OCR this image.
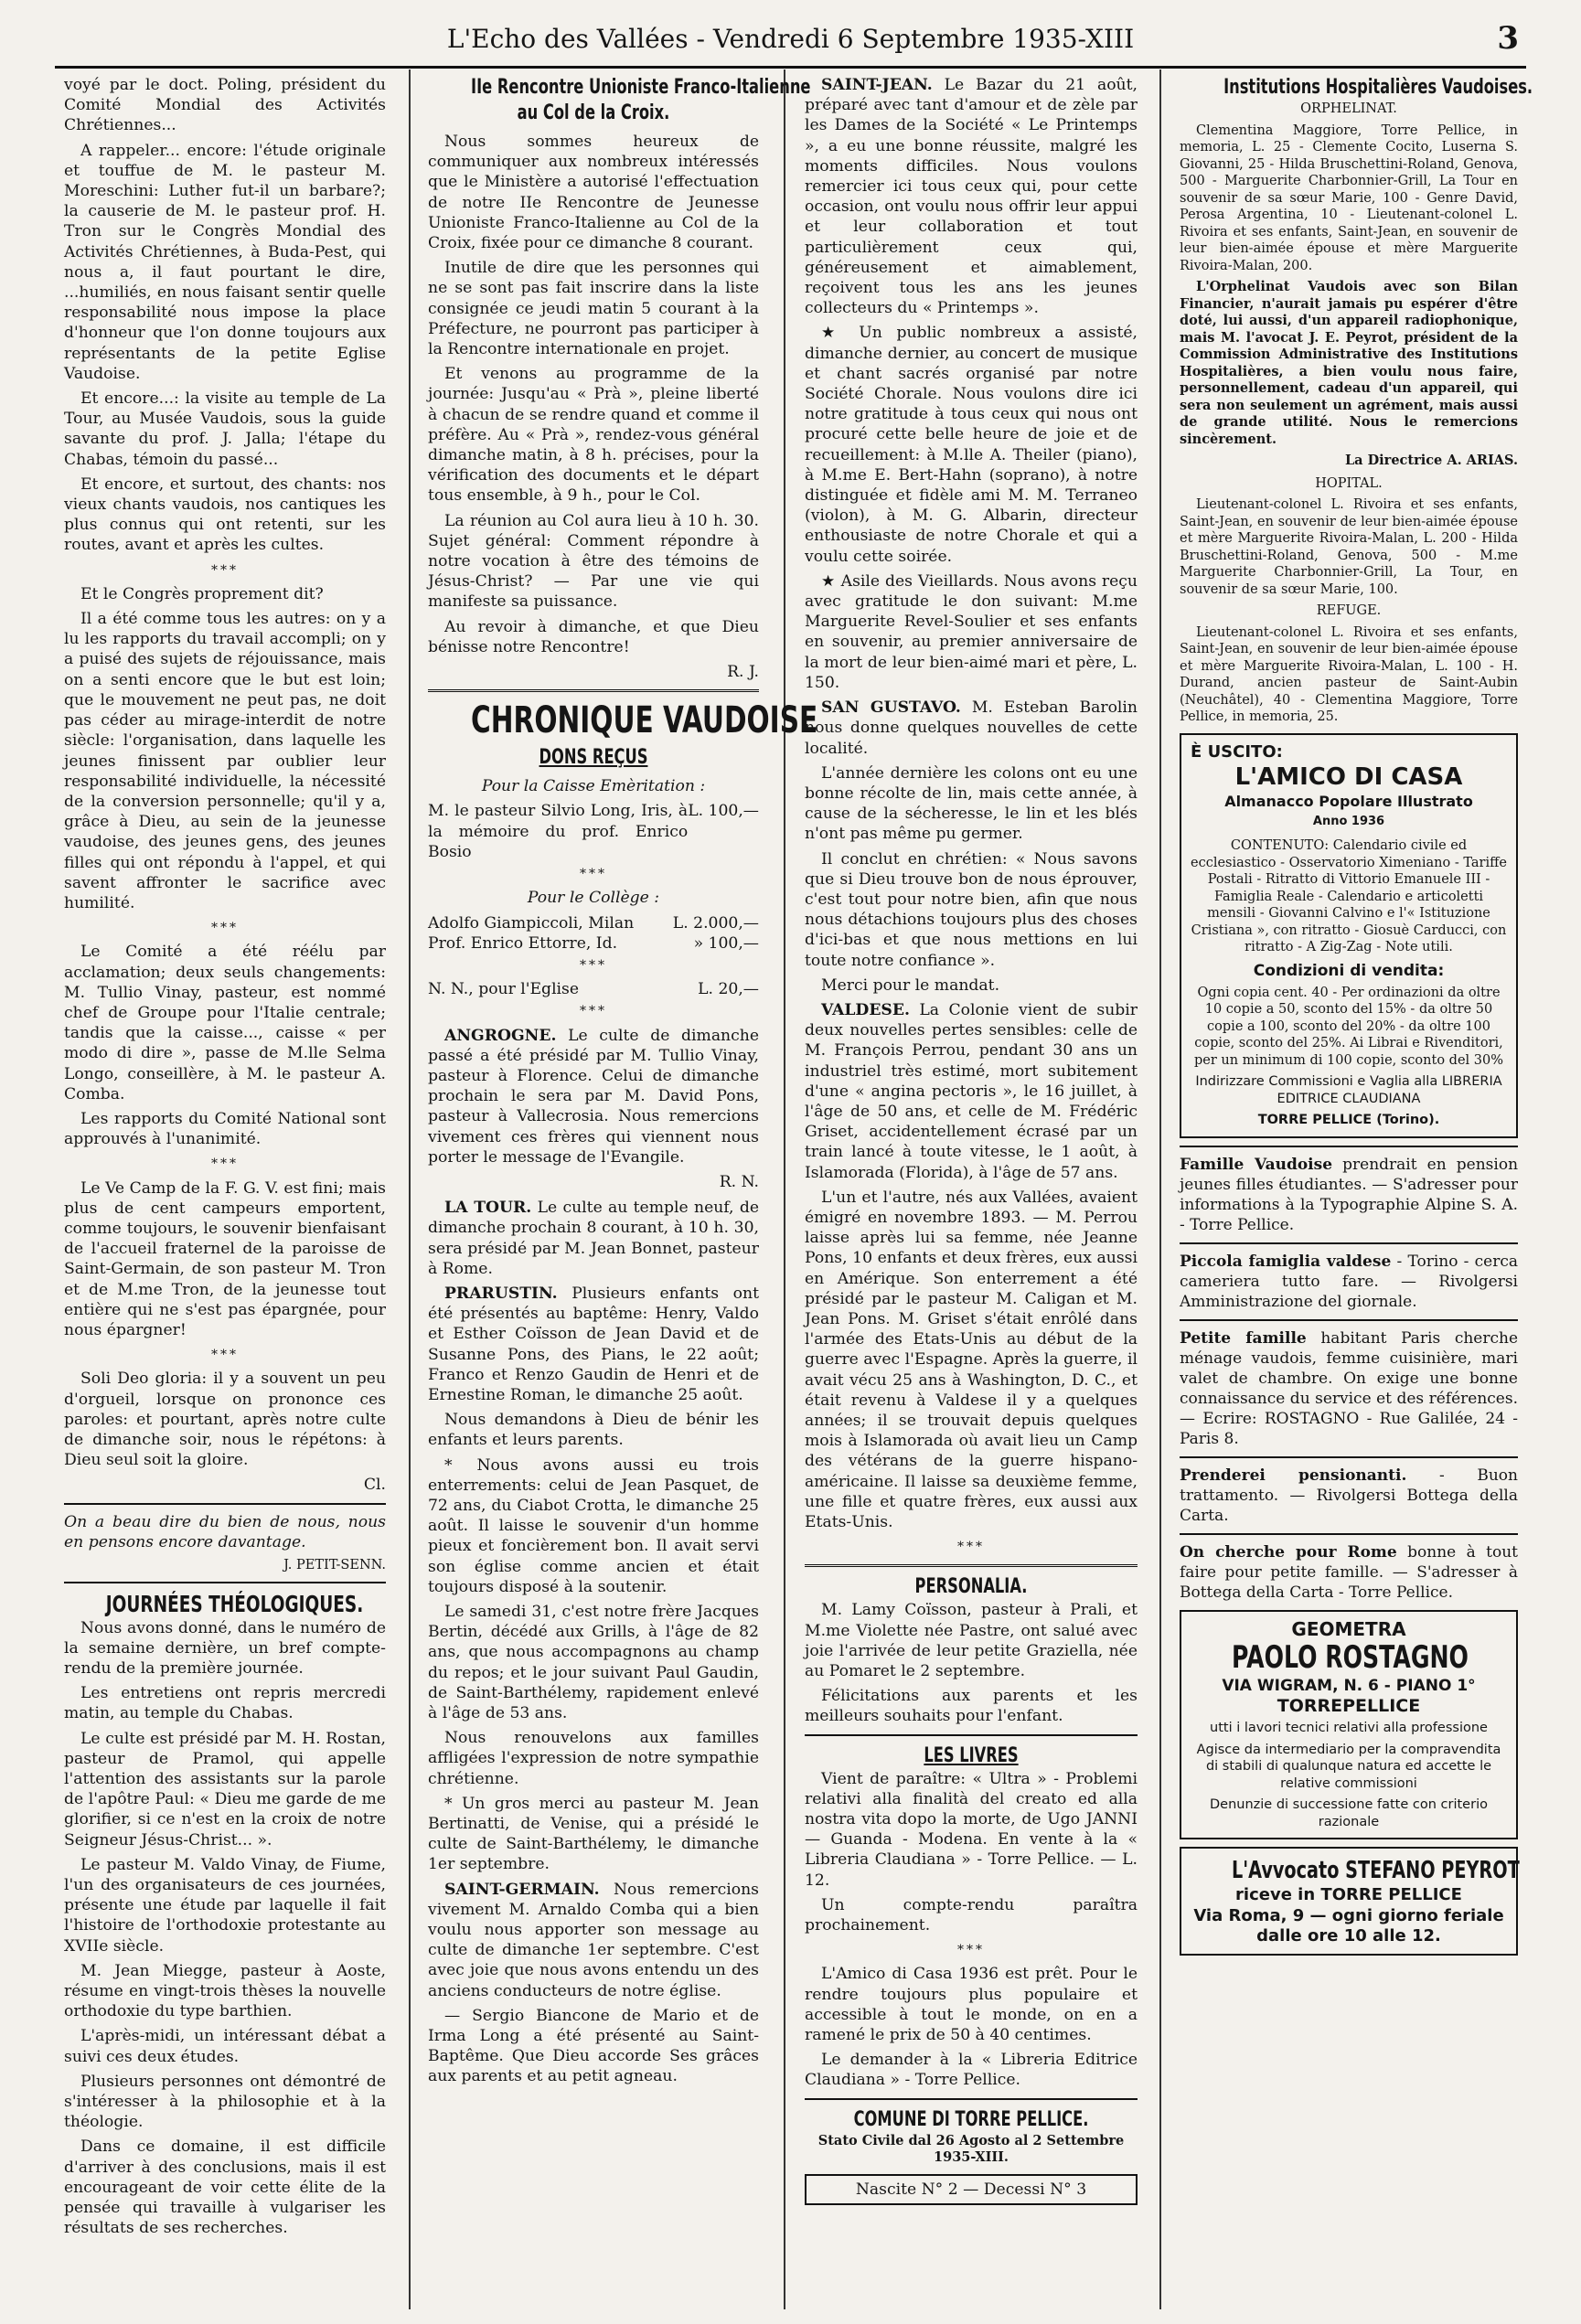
L'Echo des Vallées - Vendredi 6 Septembre 1935-XIII	3

voyé par le doct. Poling, président du Comité Mondial des Activités Chrétiennes...

A rappeler... encore: l'étude originale et touffue de M. le pasteur M. Moreschini: Luther fut-il un barbare?; la causerie de M. le pasteur prof. H. Tron sur le Congrès Mondial des Activités Chrétiennes, à Buda-Pest, qui nous a, il faut pourtant le dire, ...humiliés, en nous faisant sentir quelle responsabilité nous impose la place d'honneur que l'on donne toujours aux représentants de la petite Eglise Vaudoise.

Et encore...: la visite au temple de La Tour, au Musée Vaudois, sous la guide savante du prof. J. Jalla; l'étape du Chabas, témoin du passé...

Et encore, et surtout, des chants: nos vieux chants vaudois, nos cantiques les plus connus qui ont retenti, sur les routes, avant et après les cultes.

***

Et le Congrès proprement dit?

Il a été comme tous les autres: on y a lu les rapports du travail accompli; on y a puisé des sujets de réjouissance, mais on a senti encore que le but est loin; que le mouvement ne peut pas, ne doit pas céder au mirage-interdit de notre siècle: l'organisation, dans laquelle les jeunes finissent par oublier leur responsabilité individuelle, la nécessité de la conversion personnelle; qu'il y a, grâce à Dieu, au sein de la jeunesse vaudoise, des jeunes gens, des jeunes filles qui ont répondu à l'appel, et qui savent affronter le sacrifice avec humilité.

***

Le Comité a été réélu par acclamation; deux seuls changements: M. Tullio Vinay, pasteur, est nommé chef de Groupe pour l'Italie centrale; tandis que la caisse..., caisse « per modo di dire », passe de M.lle Selma Longo, conseillère, à M. le pasteur A. Comba.

Les rapports du Comité National sont approuvés à l'unanimité.

***

Le Ve Camp de la F. G. V. est fini; mais plus de cent campeurs emportent, comme toujours, le souvenir bienfaisant de l'accueil fraternel de la paroisse de Saint-Germain, de son pasteur M. Tron et de M.me Tron, de la jeunesse tout entière qui ne s'est pas épargnée, pour nous épargner!

***

Soli Deo gloria: il y a souvent un peu d'orgueil, lorsque on prononce ces paroles: et pourtant, après notre culte de dimanche soir, nous le répétons: à Dieu seul soit la gloire.

Cl.

On a beau dire du bien de nous, nous en pensons encore davantage.

J. PETIT-SENN.
JOURNÉES THÉOLOGIQUES.

Nous avons donné, dans le numéro de la semaine dernière, un bref compte-rendu de la première journée.

Les entretiens ont repris mercredi matin, au temple du Chabas.

Le culte est présidé par M. H. Rostan, pasteur de Pramol, qui appelle l'attention des assistants sur la parole de l'apôtre Paul: « Dieu me garde de me glorifier, si ce n'est en la croix de notre Seigneur Jésus-Christ... ».

Le pasteur M. Valdo Vinay, de Fiume, l'un des organisateurs de ces journées, présente une étude par laquelle il fait l'histoire de l'orthodoxie protestante au XVIIe siècle.

M. Jean Miegge, pasteur à Aoste, résume en vingt-trois thèses la nouvelle orthodoxie du type barthien.

L'après-midi, un intéressant débat a suivi ces deux études.

Plusieurs personnes ont démontré de s'intéresser à la philosophie et à la théologie.

Dans ce domaine, il est difficile d'arriver à des conclusions, mais il est encourageant de voir cette élite de la pensée qui travaille à vulgariser les résultats de ses recherches.

IIe Rencontre Unioniste Franco-Italienne
au Col de la Croix.

Nous sommes heureux de communiquer aux nombreux intéressés que le Ministère a autorisé l'effectuation de notre IIe Rencontre de Jeunesse Unioniste Franco-Italienne au Col de la Croix, fixée pour ce dimanche 8 courant.

Inutile de dire que les personnes qui ne se sont pas fait inscrire dans la liste consignée ce jeudi matin 5 courant à la Préfecture, ne pourront pas participer à la Rencontre internationale en projet.

Et venons au programme de la journée: Jusqu'au « Prà », pleine liberté à chacun de se rendre quand et comme il préfère. Au « Prà », rendez-vous général dimanche matin, à 8 h. précises, pour la vérification des documents et le départ tous ensemble, à 9 h., pour le Col.

La réunion au Col aura lieu à 10 h. 30. Sujet général: Comment répondre à notre vocation à être des témoins de Jésus-Christ? — Par une vie qui manifeste sa puissance.

Au revoir à dimanche, et que Dieu bénisse notre Rencontre!

R. J.
CHRONIQUE VAUDOISE
DONS REÇUS

Pour la Caisse Emèritation :

M. le pasteur Silvio Long, Iris, à la mémoire du prof. Enrico Bosio
L. 100,—
***

Pour le Collège :

Adolfo Giampiccoli, Milan L. 2.000,—
Prof. Enrico Ettorre, Id.	» 100,—
***
N. N., pour l'Eglise	L. 20,—
***

ANGROGNE. Le culte de dimanche passé a été présidé par M. Tullio Vinay, pasteur à Florence. Celui de dimanche prochain le sera par M. David Pons, pasteur à Vallecrosia. Nous remercions vivement ces frères qui viennent nous porter le message de l'Evangile.

R. N.

LA TOUR. Le culte au temple neuf, de dimanche prochain 8 courant, à 10 h. 30, sera présidé par M. Jean Bonnet, pasteur à Rome.

PRARUSTIN. Plusieurs enfants ont été présentés au baptême: Henry, Valdo et Esther Coïsson de Jean David et de Susanne Pons, des Pians, le 22 août; Franco et Renzo Gaudin de Henri et de Ernestine Roman, le dimanche 25 août.

Nous demandons à Dieu de bénir les enfants et leurs parents.

* Nous avons aussi eu trois enterrements: celui de Jean Pasquet, de 72 ans, du Ciabot Crotta, le dimanche 25 août. Il laisse le souvenir d'un homme pieux et foncièrement bon. Il avait servi son église comme ancien et était toujours disposé à la soutenir.

Le samedi 31, c'est notre frère Jacques Bertin, décédé aux Grills, à l'âge de 82 ans, que nous accompagnons au champ du repos; et le jour suivant Paul Gaudin, de Saint-Barthélemy, rapidement enlevé à l'âge de 53 ans.

Nous renouvelons aux familles affligées l'expression de notre sympathie chrétienne.

* Un gros merci au pasteur M. Jean Bertinatti, de Venise, qui a présidé le culte de Saint-Barthélemy, le dimanche 1er septembre.

SAINT-GERMAIN. Nous remercions vivement M. Arnaldo Comba qui a bien voulu nous apporter son message au culte de dimanche 1er septembre. C'est avec joie que nous avons entendu un des anciens conducteurs de notre église.

— Sergio Biancone de Mario et de Irma Long a été présenté au Saint-Baptême. Que Dieu accorde Ses grâces aux parents et au petit agneau.

SAINT-JEAN. Le Bazar du 21 août, préparé avec tant d'amour et de zèle par les Dames de la Société « Le Printemps », a eu une bonne réussite, malgré les moments difficiles. Nous voulons remercier ici tous ceux qui, pour cette occasion, ont voulu nous offrir leur appui et leur collaboration et tout particulièrement ceux qui, généreusement et aimablement, reçoivent tous les ans les jeunes collecteurs du « Printemps ».

★ Un public nombreux a assisté, dimanche dernier, au concert de musique et chant sacrés organisé par notre Société Chorale. Nous voulons dire ici notre gratitude à tous ceux qui nous ont procuré cette belle heure de joie et de recueillement: à M.lle A. Theiler (piano), à M.me E. Bert-Hahn (soprano), à notre distinguée et fidèle ami M. M. Terraneo (violon), à M. G. Albarin, directeur enthousiaste de notre Chorale et qui a voulu cette soirée.

★ Asile des Vieillards. Nous avons reçu avec gratitude le don suivant: M.me Marguerite Revel-Soulier et ses enfants en souvenir, au premier anniversaire de la mort de leur bien-aimé mari et père, L. 150.

SAN GUSTAVO. M. Esteban Barolin nous donne quelques nouvelles de cette localité.

L'année dernière les colons ont eu une bonne récolte de lin, mais cette année, à cause de la sécheresse, le lin et les blés n'ont pas même pu germer.

Il conclut en chrétien: « Nous savons que si Dieu trouve bon de nous éprouver, c'est tout pour notre bien, afin que nous nous détachions toujours plus des choses d'ici-bas et que nous mettions en lui toute notre confiance ».

Merci pour le mandat.

VALDESE. La Colonie vient de subir deux nouvelles pertes sensibles: celle de M. François Perrou, pendant 30 ans un industriel très estimé, mort subitement d'une « angina pectoris », le 16 juillet, à l'âge de 50 ans, et celle de M. Frédéric Griset, accidentellement écrasé par un train lancé à toute vitesse, le 1 août, à Islamorada (Florida), à l'âge de 57 ans.

L'un et l'autre, nés aux Vallées, avaient émigré en novembre 1893. — M. Perrou laisse après lui sa femme, née Jeanne Pons, 10 enfants et deux frères, eux aussi en Amérique. Son enterrement a été présidé par le pasteur M. Caligan et M. Jean Pons. M. Griset s'était enrôlé dans l'armée des Etats-Unis au début de la guerre avec l'Espagne. Après la guerre, il avait vécu 25 ans à Washington, D. C., et était revenu à Valdese il y a quelques années; il se trouvait depuis quelques mois à Islamorada où avait lieu un Camp des vétérans de la guerre hispano-américaine. Il laisse sa deuxième femme, une fille et quatre frères, eux aussi aux Etats-Unis.

***
PERSONALIA.

M. Lamy Coïsson, pasteur à Prali, et M.me Violette née Pastre, ont salué avec joie l'arrivée de leur petite Graziella, née au Pomaret le 2 septembre.

Félicitations aux parents et les meilleurs souhaits pour l'enfant.

LES LIVRES

Vient de paraître: « Ultra » - Problemi relativi alla finalità del creato ed alla nostra vita dopo la morte, de Ugo JANNI — Guanda - Modena. En vente à la « Libreria Claudiana » - Torre Pellice. — L. 12.

Un compte-rendu paraîtra prochainement.

***

L'Amico di Casa 1936 est prêt. Pour le rendre toujours plus populaire et accessible à tout le monde, on en a ramené le prix de 50 à 40 centimes.

Le demander à la « Libreria Editrice Claudiana » - Torre Pellice.

COMUNE DI TORRE PELLICE.

Stato Civile dal 26 Agosto al 2 Settembre 1935-XIII.

Nascite N° 2 — Decessi N° 3
Institutions Hospitalières Vaudoises.

ORPHELINAT.

Clementina Maggiore, Torre Pellice, in memoria, L. 25 - Clemente Cocito, Luserna S. Giovanni, 25 - Hilda Bruschettini-Roland, Genova, 500 - Marguerite Charbonnier-Grill, La Tour en souvenir de sa sœur Marie, 100 - Genre David, Perosa Argentina, 10 - Lieutenant-colonel L. Rivoira et ses enfants, Saint-Jean, en souvenir de leur bien-aimée épouse et mère Marguerite Rivoira-Malan, 200.

L'Orphelinat Vaudois avec son Bilan Financier, n'aurait jamais pu espérer d'être doté, lui aussi, d'un appareil radiophonique, mais M. l'avocat J. E. Peyrot, président de la Commission Administrative des Institutions Hospitalières, a bien voulu nous faire, personnellement, cadeau d'un appareil, qui sera non seulement un agrément, mais aussi de grande utilité. Nous le remercions sincèrement.

La Directrice A. ARIAS.

HOPITAL.

Lieutenant-colonel L. Rivoira et ses enfants, Saint-Jean, en souvenir de leur bien-aimée épouse et mère Marguerite Rivoira-Malan, L. 200 - Hilda Bruschettini-Roland, Genova, 500 - M.me Marguerite Charbonnier-Grill, La Tour, en souvenir de sa sœur Marie, 100.

REFUGE.

Lieutenant-colonel L. Rivoira et ses enfants, Saint-Jean, en souvenir de leur bien-aimée épouse et mère Marguerite Rivoira-Malan, L. 100 - H. Durand, ancien pasteur de Saint-Aubin (Neuchâtel), 40 - Clementina Maggiore, Torre Pellice, in memoria, 25.

È USCITO:
L'AMICO DI CASA
Almanacco Popolare Illustrato
Anno 1936

CONTENUTO: Calendario civile ed ecclesiastico - Osservatorio Ximeniano - Tariffe Postali - Ritratto di Vittorio Emanuele III - Famiglia Reale - Calendario e articoletti mensili - Giovanni Calvino e l'« Istituzione Cristiana », con ritratto - Giosuè Carducci, con ritratto - A Zig-Zag - Note utili.

Condizioni di vendita:

Ogni copia cent. 40 - Per ordinazioni da oltre 10 copie a 50, sconto del 15% - da oltre 50 copie a 100, sconto del 20% - da oltre 100 copie, sconto del 25%. Ai Librai e Rivenditori, per un minimum di 100 copie, sconto del 30%

Indirizzare Commissioni e Vaglia alla LIBRERIA EDITRICE CLAUDIANA

TORRE PELLICE (Torino).

Famille Vaudoise prendrait en pension jeunes filles étudiantes. — S'adresser pour informations à la Typographie Alpine S. A. - Torre Pellice.

Piccola famiglia valdese - Torino - cerca cameriera tutto fare. — Rivolgersi Amministrazione del giornale.

Petite famille habitant Paris cherche ménage vaudois, femme cuisinière, mari valet de chambre. On exige une bonne connaissance du service et des références. — Ecrire: ROSTAGNO - Rue Galilée, 24 - Paris 8.

Prenderei pensionanti. - Buon trattamento. — Rivolgersi Bottega della Carta.

On cherche pour Rome bonne à tout faire pour petite famille. — S'adresser à Bottega della Carta - Torre Pellice.

GEOMETRA
PAOLO ROSTAGNO
VIA WIGRAM, N. 6 - PIANO 1°
TORREPELLICE

utti i lavori tecnici relativi alla professione

Agisce da intermediario per la compravendita di stabili di qualunque natura ed accette le relative commissioni

Denunzie di successione fatte con criterio razionale

L'Avvocato STEFANO PEYROT
riceve in TORRE PELLICE
Via Roma, 9 — ogni giorno feriale
dalle ore 10 alle 12.
